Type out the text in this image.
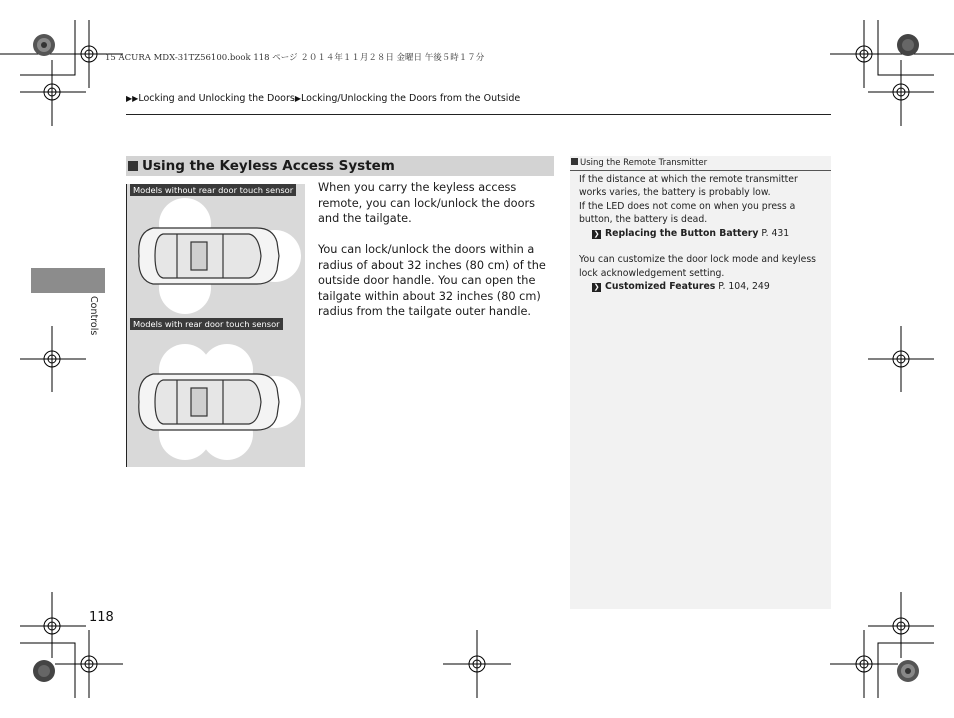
15 ACURA MDX-31TZ56100.book 118 ページ ２０１４年１１月２８日 金曜日 午後５時１７分
▶▶Locking and Unlocking the Doors▶Locking/Unlocking the Doors from the Outside
Controls
Using the Keyless Access System
Models without rear door touch sensor
Models with rear door touch sensor

When you carry the keyless access remote, you can lock/unlock the doors and the tailgate.

You can lock/unlock the doors within a radius of about 32 inches (80 cm) of the outside door handle. You can open the tailgate within about 32 inches (80 cm) radius from the tailgate outer handle.

Using the Remote Transmitter

If the distance at which the remote transmitter works varies, the battery is probably low.

If the LED does not come on when you press a button, the battery is dead.

❯ Replacing the Button Battery P. 431

You can customize the door lock mode and keyless lock acknowledgement setting.

❯ Customized Features P. 104, 249

118
